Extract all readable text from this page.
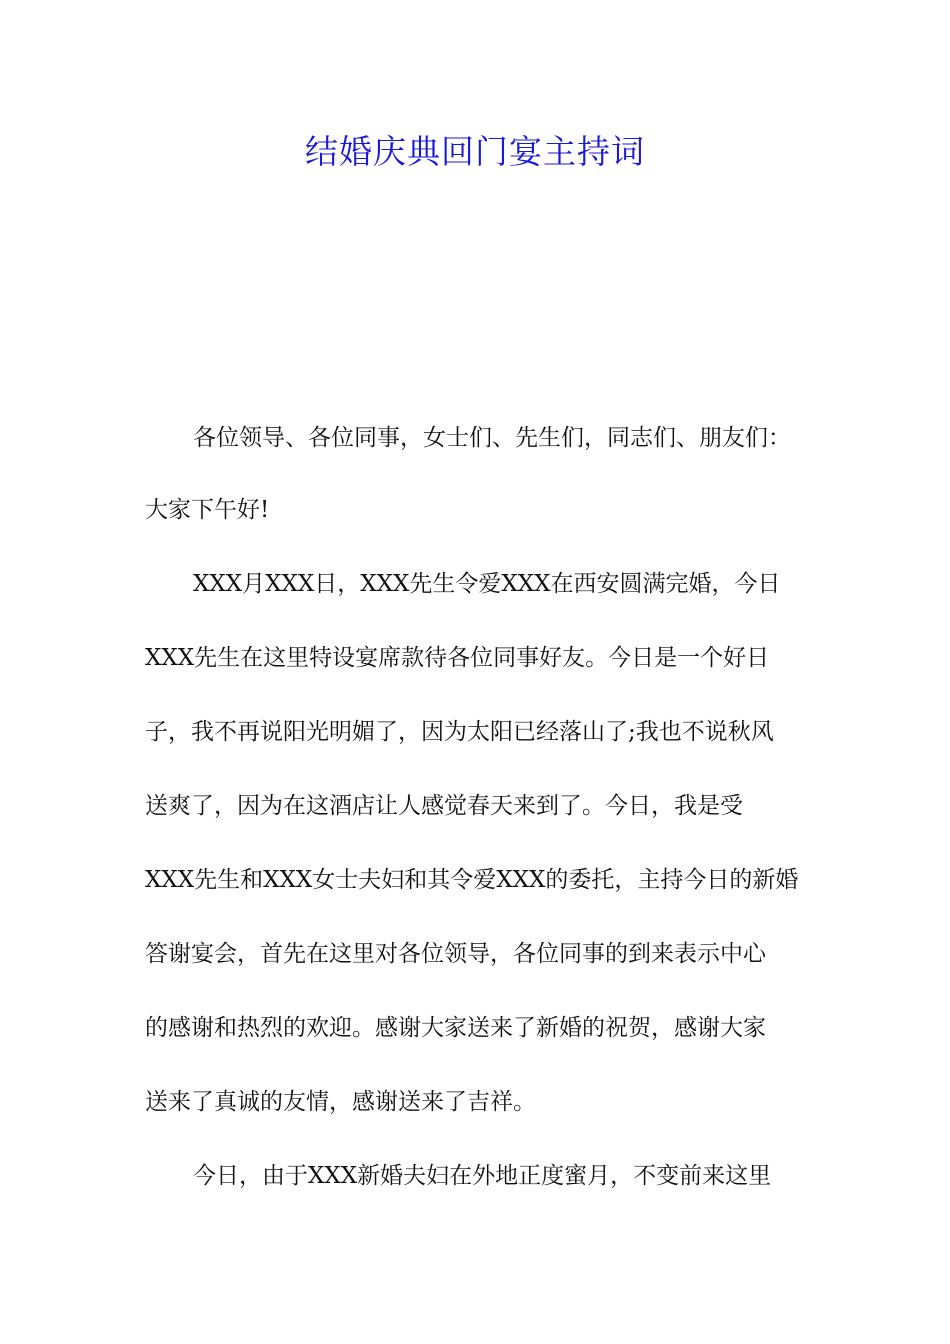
结婚庆典回门宴主持词
各位领导、各位同事，女士们、先生们，同志们、朋友们：
大家下午好!
XXX月XXX日，XXX先生令爱XXX在西安圆满完婚，今日
XXX先生在这里特设宴席款待各位同事好友。今日是一个好日
子，我不再说阳光明媚了，因为太阳已经落山了;我也不说秋风
送爽了，因为在这酒店让人感觉春天来到了。今日，我是受
XXX先生和XXX女士夫妇和其令爱XXX的委托，主持今日的新婚
答谢宴会，首先在这里对各位领导，各位同事的到来表示中心
的感谢和热烈的欢迎。感谢大家送来了新婚的祝贺，感谢大家
送来了真诚的友情，感谢送来了吉祥。
今日，由于XXX新婚夫妇在外地正度蜜月，不变前来这里
